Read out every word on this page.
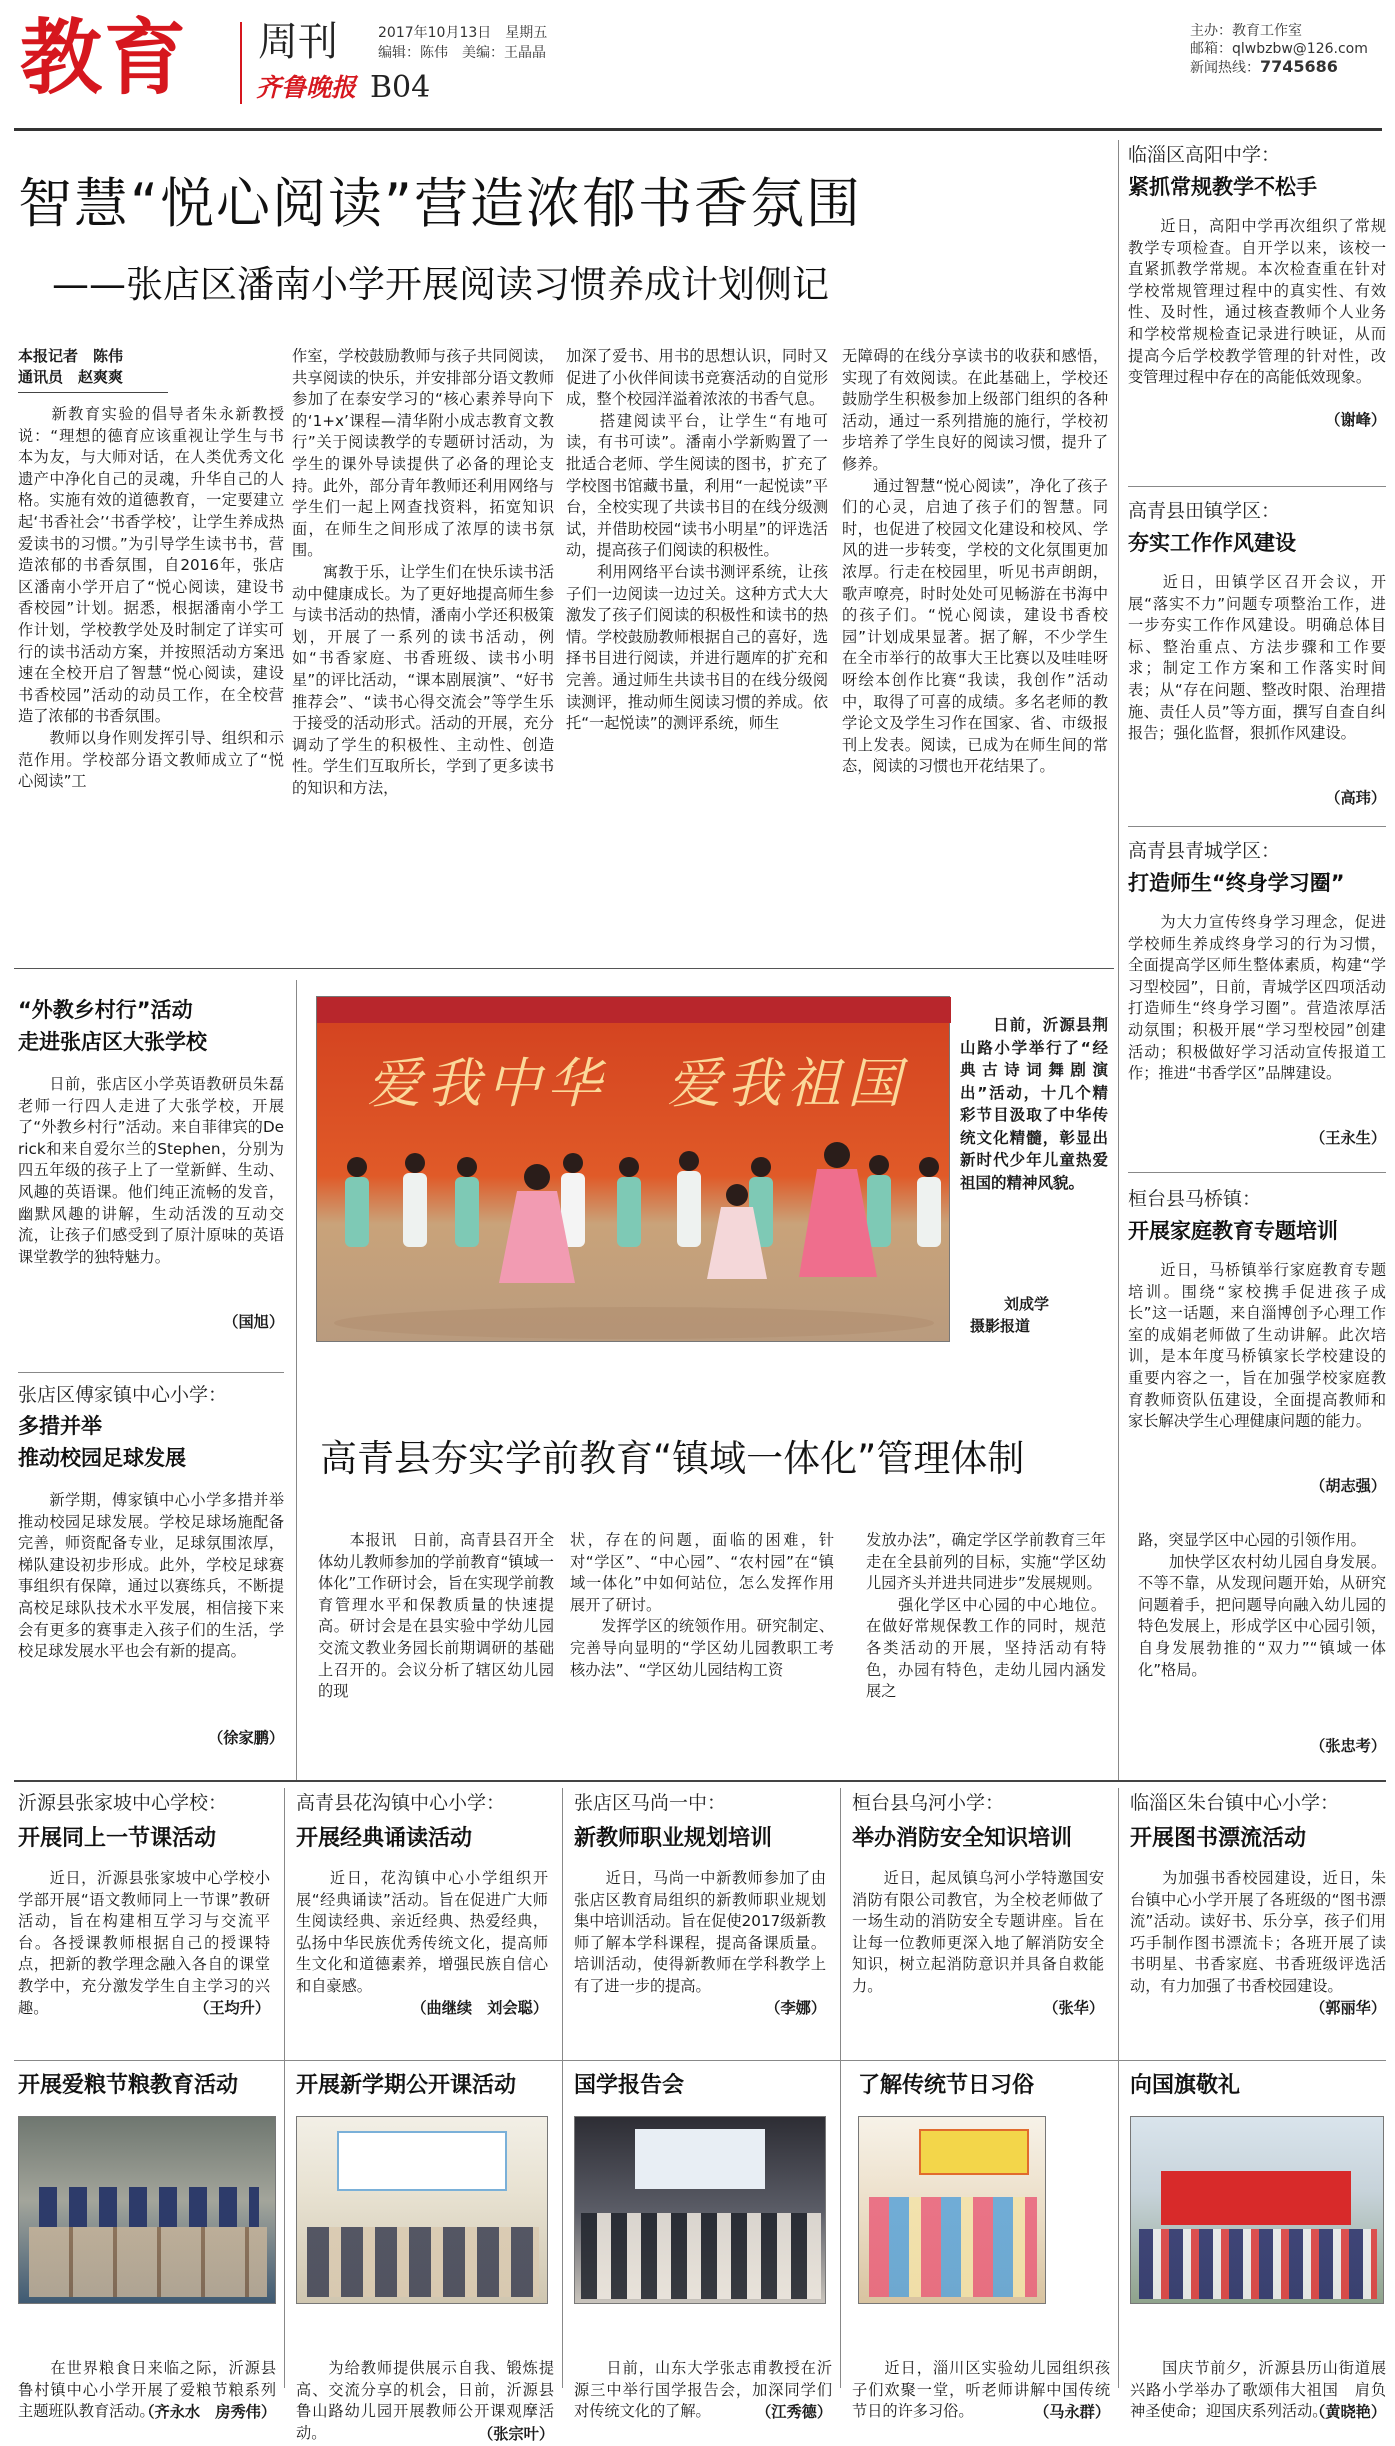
教育 周刊
齐鲁晚报 B04
2017年10月13日　星期五
编辑：陈伟　美编：王晶晶
主办：教育工作室
邮箱：qlwbzbw@126.com
新闻热线：7745686
智慧“悦心阅读”营造浓郁书香氛围
——张店区潘南小学开展阅读习惯养成计划侧记
本报记者　陈伟
通讯员　赵爽爽
　　新教育实验的倡导者朱永新教授说：“理想的德育应该重视让学生与书本为友，与大师对话，在人类优秀文化遗产中净化自己的灵魂，升华自己的人格。实施有效的道德教育，一定要建立起‘书香社会’‘书香学校’，让学生养成热爱读书的习惯。”为引导学生读书书，营造浓郁的书香氛围，自2016年，张店区潘南小学开启了“悦心阅读，建设书香校园”计划。据悉，根据潘南小学工作计划，学校教学处及时制定了详实可行的读书活动方案，并按照活动方案迅速在全校开启了智慧“悦心阅读，建设书香校园”活动的动员工作，在全校营造了浓郁的书香氛围。
　　教师以身作则发挥引导、组织和示范作用。学校部分语文教师成立了“悦心阅读”工
作室，学校鼓励教师与孩子共同阅读，共享阅读的快乐，并安排部分语文教师参加了在泰安学习的“核心素养导向下的‘1+x’课程—清华附小成志教育文教行”关于阅读教学的专题研讨活动，为学生的课外导读提供了必备的理论支持。此外，部分青年教师还利用网络与学生们一起上网查找资料，拓宽知识面，在师生之间形成了浓厚的读书氛围。
　　寓教于乐，让学生们在快乐读书活动中健康成长。为了更好地提高师生参与读书活动的热情，潘南小学还积极策划，开展了一系列的读书活动，例如“书香家庭、书香班级、读书小明星”的评比活动，“课本剧展演”、“好书推荐会”、“读书心得交流会”等学生乐于接受的活动形式。活动的开展，充分调动了学生的积极性、主动性、创造性。学生们互取所长，学到了更多读书的知识和方法，
加深了爱书、用书的思想认识，同时又促进了小伙伴间读书竞赛活动的自觉形成，整个校园洋溢着浓浓的书香气息。
　　搭建阅读平台，让学生“有地可读，有书可读”。潘南小学新购置了一批适合老师、学生阅读的图书，扩充了学校图书馆藏书量，利用“一起悦读”平台，全校实现了共读书目的在线分级测试，并借助校园“读书小明星”的评选活动，提高孩子们阅读的积极性。
　　利用网络平台读书测评系统，让孩子们一边阅读一边过关。这种方式大大激发了孩子们阅读的积极性和读书的热情。学校鼓励教师根据自己的喜好，选择书目进行阅读，并进行题库的扩充和完善。通过师生共读书目的在线分级阅读测评，推动师生阅读习惯的养成。依托“一起悦读”的测评系统，师生
无障碍的在线分享读书的收获和感悟，实现了有效阅读。在此基础上，学校还鼓励学生积极参加上级部门组织的各种活动，通过一系列措施的施行，学校初步培养了学生良好的阅读习惯，提升了修养。
　　通过智慧“悦心阅读”，净化了孩子们的心灵，启迪了孩子们的智慧。同时，也促进了校园文化建设和校风、学风的进一步转变，学校的文化氛围更加浓厚。行走在校园里，听见书声朗朗，歌声嘹亮，时时处处可见畅游在书海中的孩子们。“悦心阅读，建设书香校园”计划成果显著。据了解，不少学生在全市举行的故事大王比赛以及哇哇呀呀绘本创作比赛“我读，我创作”活动中，取得了可喜的成绩。多名老师的教学论文及学生习作在国家、省、市级报刊上发表。阅读，已成为在师生间的常态，阅读的习惯也开花结果了。
临淄区高阳中学：
紧抓常规教学不松手
　　近日，高阳中学再次组织了常规教学专项检查。自开学以来，该校一直紧抓教学常规。本次检查重在针对学校常规管理过程中的真实性、有效性、及时性，通过核查教师个人业务和学校常规检查记录进行映证，从而提高今后学校教学管理的针对性，改变管理过程中存在的高能低效现象。
（谢峰）
高青县田镇学区：
夯实工作作风建设
　　近日，田镇学区召开会议，开展“落实不力”问题专项整治工作，进一步夯实工作作风建设。明确总体目标、整治重点、方法步骤和工作要求；制定工作方案和工作落实时间表；从“存在问题、整改时限、治理措施、责任人员”等方面，撰写自查自纠报告；强化监督，狠抓作风建设。
（高玮）
高青县青城学区：
打造师生“终身学习圈”
　　为大力宣传终身学习理念，促进学校师生养成终身学习的行为习惯，全面提高学区师生整体素质，构建“学习型校园”，日前，青城学区四项活动打造师生“终身学习圈”。营造浓厚活动氛围；积极开展“学习型校园”创建活动；积极做好学习活动宣传报道工作；推进“书香学区”品牌建设。
（王永生）
桓台县马桥镇：
开展家庭教育专题培训
　　近日，马桥镇举行家庭教育专题培训。围绕“家校携手促进孩子成长”这一话题，来自淄博创予心理工作室的成娟老师做了生动讲解。此次培训，是本年度马桥镇家长学校建设的重要内容之一，旨在加强学校家庭教育教师资队伍建设，全面提高教师和家长解决学生心理健康问题的能力。
（胡志强）
“外教乡村行”活动
走进张店区大张学校
　　日前，张店区小学英语教研员朱磊老师一行四人走进了大张学校，开展了“外教乡村行”活动。来自菲律宾的Derick和来自爱尔兰的Stephen，分别为四五年级的孩子上了一堂新鲜、生动、风趣的英语课。他们纯正流畅的发音，幽默风趣的讲解，生动活泼的互动交流，让孩子们感受到了原汁原味的英语课堂教学的独特魅力。
（国旭）
张店区傅家镇中心小学：
多措并举
推动校园足球发展
　　新学期，傅家镇中心小学多措并举推动校园足球发展。学校足球场施配备完善，师资配备专业，足球氛围浓厚，梯队建设初步形成。此外，学校足球赛事组织有保障，通过以赛练兵，不断提高校足球队技术水平发展，相信接下来会有更多的赛事走入孩子们的生活，学校足球发展水平也会有新的提高。
（徐家鹏）
爱我中华　爱我祖国
　　日前，沂源县荆山路小学举行了“经典古诗词舞剧演出”活动，十几个精彩节目汲取了中华传统文化精髓，彰显出新时代少年儿童热爱祖国的精神风貌。
刘成学
摄影报道
高青县夯实学前教育“镇域一体化”管理体制
　　本报讯　日前，高青县召开全体幼儿教师参加的学前教育“镇域一体化”工作研讨会，旨在实现学前教育管理水平和保教质量的快速提高。研讨会是在县实验中学幼儿园交流文教业务园长前期调研的基础上召开的。会议分析了辖区幼儿园的现
状，存在的问题，面临的困难，针对“学区”、“中心园”、“农村园”在“镇域一体化”中如何站位，怎么发挥作用展开了研讨。
　　发挥学区的统领作用。研究制定、完善导向显明的“学区幼儿园教职工考核办法”、“学区幼儿园结构工资
发放办法”，确定学区学前教育三年走在全县前列的目标，实施“学区幼儿园齐头并进共同进步”发展规则。
　　强化学区中心园的中心地位。在做好常规保教工作的同时，规范各类活动的开展，坚持活动有特色，办园有特色，走幼儿园内涵发展之
路，突显学区中心园的引领作用。
　　加快学区农村幼儿园自身发展。不等不靠，从发现问题开始，从研究问题着手，把问题导向融入幼儿园的特色发展上，形成学区中心园引领，自身发展勃推的“双力”“镇域一体化”格局。
（张忠考）
沂源县张家坡中心学校：
开展同上一节课活动
　　近日，沂源县张家坡中心学校小学部开展“语文教师同上一节课”教研活动，旨在构建相互学习与交流平台。各授课教师根据自己的授课特点，把新的教学理念融入各自的课堂教学中，充分激发学生自主学习的兴趣。	（王均升）
高青县花沟镇中心小学：
开展经典诵读活动
　　近日，花沟镇中心小学组织开展“经典诵读”活动。旨在促进广大师生阅读经典、亲近经典、热爱经典，弘扬中华民族优秀传统文化，提高师生文化和道德素养，增强民族自信心和自豪感。
（曲继续　刘会聪）
张店区马尚一中：
新教师职业规划培训
　　近日，马尚一中新教师参加了由张店区教育局组织的新教师职业规划集中培训活动。旨在促使2017级新教师了解本学科课程，提高备课质量。培训活动，使得新教师在学科教学上有了进一步的提高。
（李娜）
桓台县乌河小学：
举办消防安全知识培训
　　近日，起凤镇乌河小学特邀国安消防有限公司教官，为全校老师做了一场生动的消防安全专题讲座。旨在让每一位教师更深入地了解消防安全知识，树立起消防意识并具备自救能力。
（张华）
临淄区朱台镇中心小学：
开展图书漂流活动
　　为加强书香校园建设，近日，朱台镇中心小学开展了各班级的“图书漂流”活动。读好书、乐分享，孩子们用巧手制作图书漂流卡；各班开展了读书明星、书香家庭、书香班级评选活动，有力加强了书香校园建设。
（郭丽华）
开展爱粮节粮教育活动
　　在世界粮食日来临之际，沂源县鲁村镇中心小学开展了爱粮节粮系列主题班队教育活动。
（齐永水　房秀伟）
开展新学期公开课活动
　　为给教师提供展示自我、锻炼提高、交流分享的机会，日前，沂源县鲁山路幼儿园开展教师公开课观摩活动。	（张宗叶）
国学报告会
　　日前，山东大学张志甫教授在沂源三中举行国学报告会，加深同学们对传统文化的了解。	（江秀德）
了解传统节日习俗
　　近日，淄川区实验幼儿园组织孩子们欢聚一堂，听老师讲解中国传统节日的许多习俗。	（马永群）
向国旗敬礼
　　国庆节前夕，沂源县历山街道展兴路小学举办了歌颂伟大祖国　肩负神圣使命；迎国庆系列活动。
（黄晓艳）
